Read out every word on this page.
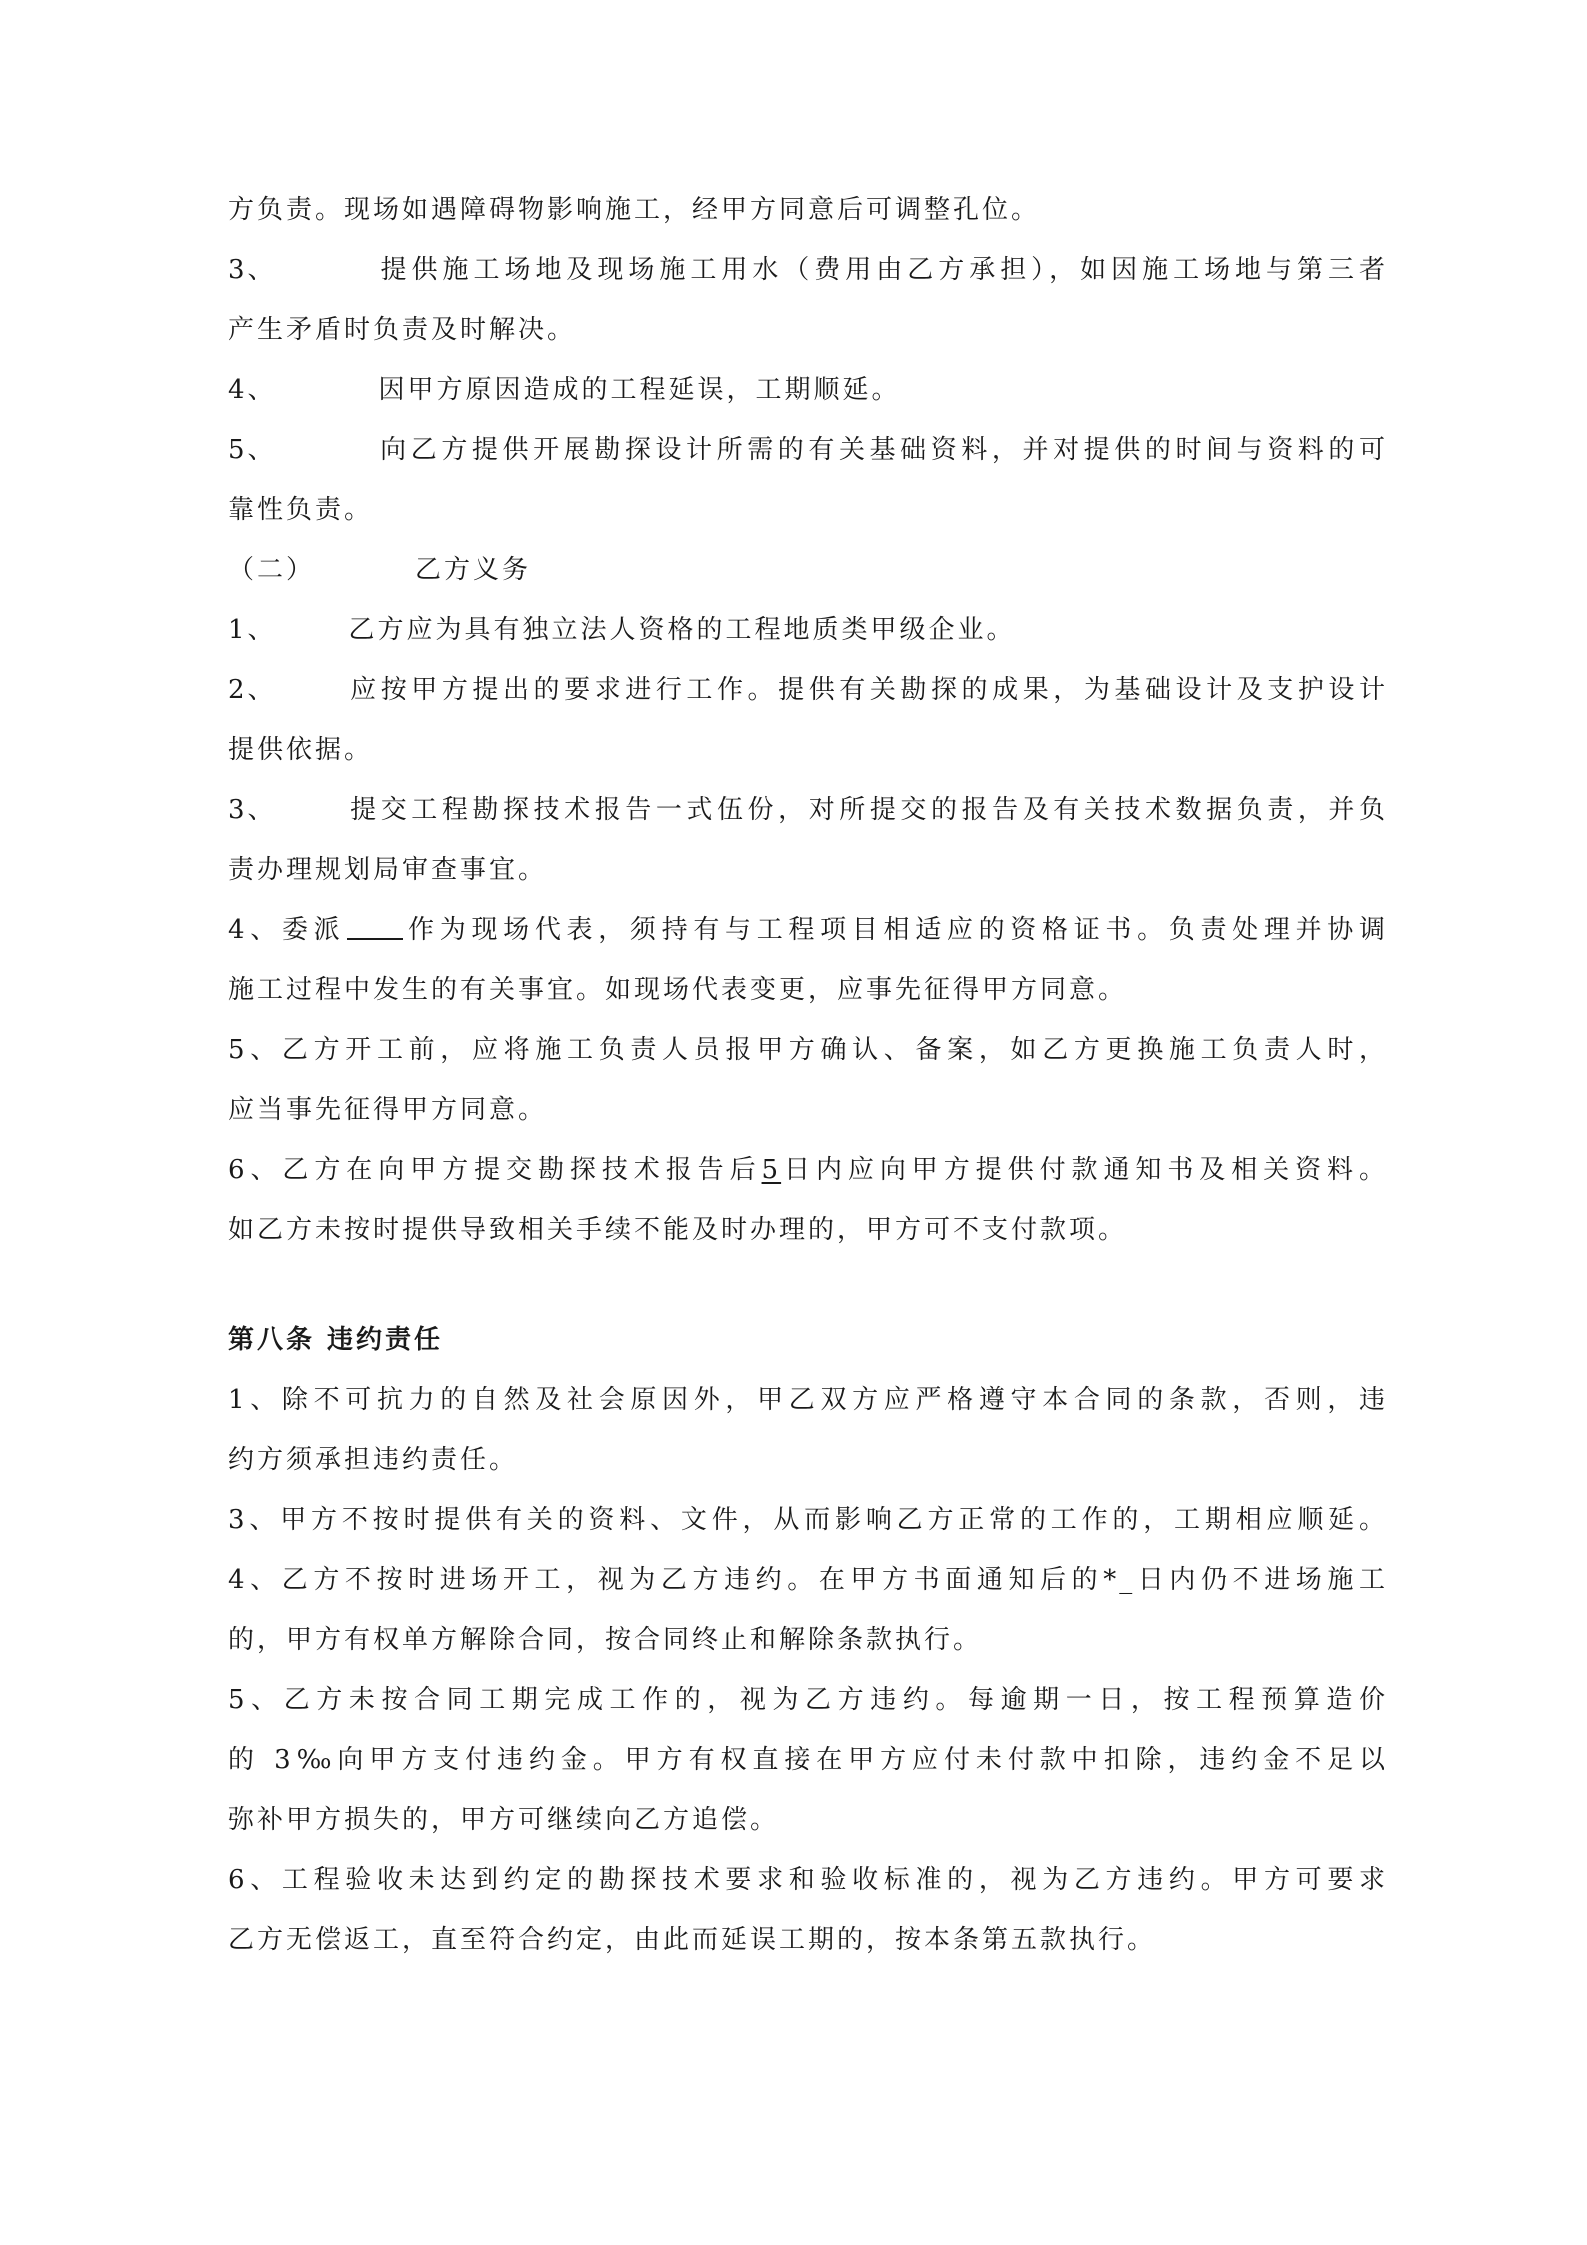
方负责。现场如遇障碍物影响施工，经甲方同意后可调整孔位。
3、	提供施工场地及现场施工用水（费用由乙方承担），如因施工场地与第三者
产生矛盾时负责及时解决。
4、	因甲方原因造成的工程延误，工期顺延。
5、	向乙方提供开展勘探设计所需的有关基础资料，并对提供的时间与资料的可
靠性负责。
（二）	乙方义务
1、	乙方应为具有独立法人资格的工程地质类甲级企业。
2、	应按甲方提出的要求进行工作。提供有关勘探的成果，为基础设计及支护设计
提供依据。
3、	提交工程勘探技术报告一式伍份，对所提交的报告及有关技术数据负责，并负
责办理规划局审查事宜。
4、委派 作为现场代表，须持有与工程项目相适应的资格证书。负责处理并协调
施工过程中发生的有关事宜。如现场代表变更，应事先征得甲方同意。
5、乙方开工前，应将施工负责人员报甲方确认、备案，如乙方更换施工负责人时，
应当事先征得甲方同意。
6、乙方在向甲方提交勘探技术报告后5日内应向甲方提供付款通知书及相关资料。
如乙方未按时提供导致相关手续不能及时办理的，甲方可不支付款项。
第八条 违约责任
1、除不可抗力的自然及社会原因外，甲乙双方应严格遵守本合同的条款，否则，违
约方须承担违约责任。
3、甲方不按时提供有关的资料、文件，从而影响乙方正常的工作的，工期相应顺延。
4、乙方不按时进场开工，视为乙方违约。在甲方书面通知后的*_日内仍不进场施工
的，甲方有权单方解除合同，按合同终止和解除条款执行。
5、乙方未按合同工期完成工作的，视为乙方违约。每逾期一日，按工程预算造价
的 3‰向甲方支付违约金。甲方有权直接在甲方应付未付款中扣除，违约金不足以
弥补甲方损失的，甲方可继续向乙方追偿。
6、工程验收未达到约定的勘探技术要求和验收标准的，视为乙方违约。甲方可要求
乙方无偿返工，直至符合约定，由此而延误工期的，按本条第五款执行。
